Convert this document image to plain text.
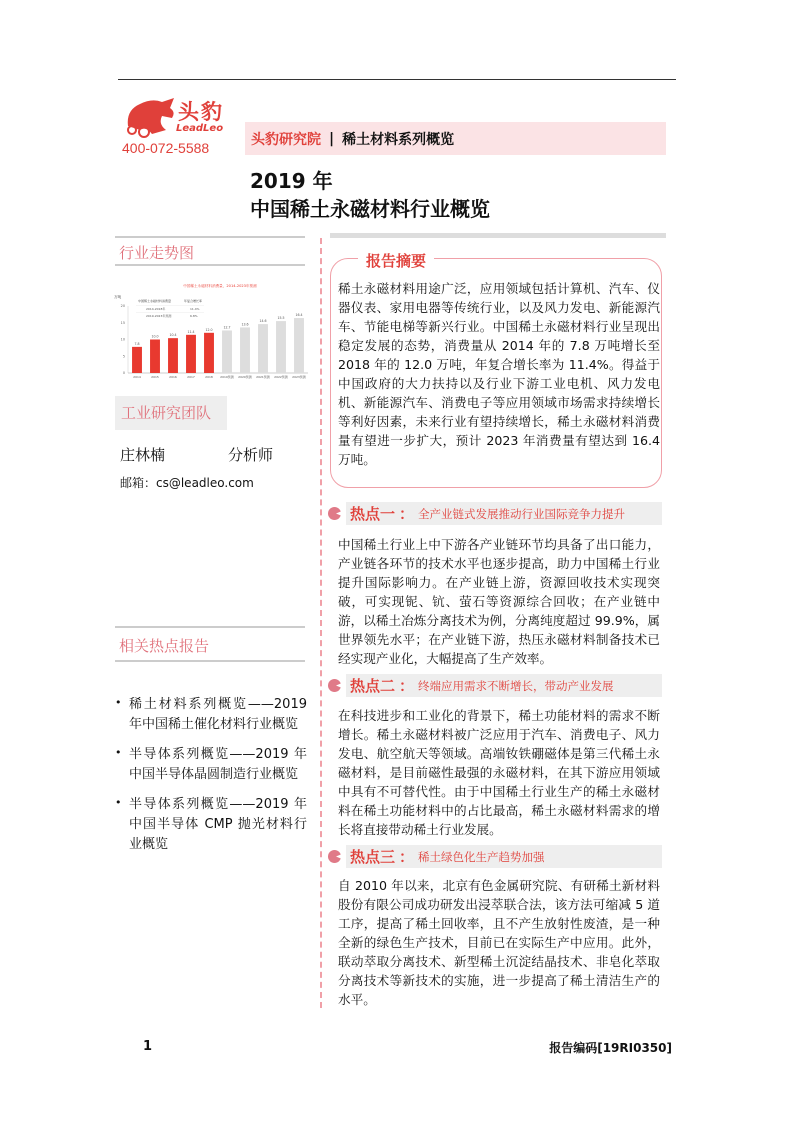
头豹
LeadLeo
400-072-5588
头豹研究院 | 稀土材料系列概览
2019 年
中国稀土永磁材料行业概览
行业走势图
中国稀土永磁材料消费量，2014-2023年预测
万吨
0
5
10
15
20
7.8
2014
10.0
2015
10.4
2016
11.4
2017
12.0
2018
12.7
2019预测
13.6
2020预测
14.6
2021预测
15.5
2022预测
16.4
2023预测
中国稀土永磁材料消费量	年复合增长率
2014-2018年	11.4%
2019-2023年预测	6.8%
工业研究团队
庄林楠	分析师
邮箱：cs@leadleo.com
相关热点报告
• 稀土材料系列概览——2019 年中国稀土催化材料行业概览
• 半导体系列概览——2019 年中国半导体晶圆制造行业概览
• 半导体系列概览——2019 年中国半导体 CMP 抛光材料行业概览
报告摘要
稀土永磁材料用途广泛，应用领域包括计算机、汽车、仪器仪表、家用电器等传统行业，以及风力发电、新能源汽车、节能电梯等新兴行业。中国稀土永磁材料行业呈现出稳定发展的态势，消费量从 2014 年的 7.8 万吨增长至 2018 年的 12.0 万吨，年复合增长率为 11.4%。得益于中国政府的大力扶持以及行业下游工业电机、风力发电机、新能源汽车、消费电子等应用领域市场需求持续增长等利好因素，未来行业有望持续增长，稀土永磁材料消费量有望进一步扩大，预计 2023 年消费量有望达到 16.4 万吨。
热点一 ： 全产业链式发展推动行业国际竞争力提升
中国稀土行业上中下游各产业链环节均具备了出口能力，产业链各环节的技术水平也逐步提高，助力中国稀土行业提升国际影响力。在产业链上游，资源回收技术实现突破，可实现铌、钪、萤石等资源综合回收；在产业链中游，以稀土冶炼分离技术为例，分离纯度超过 99.9%，属世界领先水平；在产业链下游，热压永磁材料制备技术已经实现产业化，大幅提高了生产效率。
热点二 ： 终端应用需求不断增长，带动产业发展
在科技进步和工业化的背景下，稀土功能材料的需求不断增长。稀土永磁材料被广泛应用于汽车、消费电子、风力发电、航空航天等领域。高端钕铁硼磁体是第三代稀土永磁材料，是目前磁性最强的永磁材料，在其下游应用领域中具有不可替代性。由于中国稀土行业生产的稀土永磁材料在稀土功能材料中的占比最高，稀土永磁材料需求的增长将直接带动稀土行业发展。
热点三 ： 稀土绿色化生产趋势加强
自 2010 年以来，北京有色金属研究院、有研稀土新材料股份有限公司成功研发出浸萃联合法，该方法可缩减 5 道工序，提高了稀土回收率，且不产生放射性废渣，是一种全新的绿色生产技术，目前已在实际生产中应用。此外，联动萃取分离技术、新型稀土沉淀结晶技术、非皂化萃取分离技术等新技术的实施，进一步提高了稀土清洁生产的水平。
1	报告编码[19RI0350]
